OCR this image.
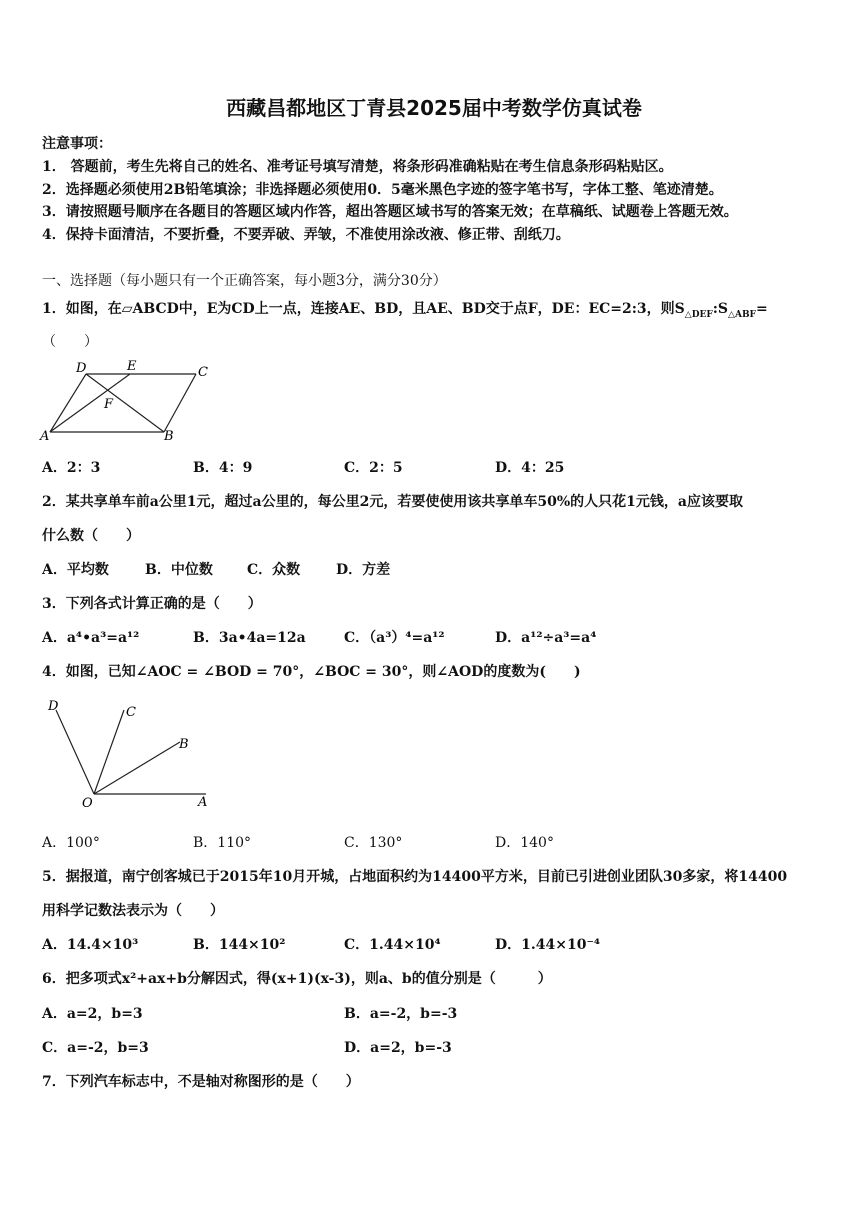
西藏昌都地区丁青县2025届中考数学仿真试卷
注意事项：
1． 答题前，考生先将自己的姓名、准考证号填写清楚，将条形码准确粘贴在考生信息条形码粘贴区。
2．选择题必须使用2B铅笔填涂；非选择题必须使用0．5毫米黑色字迹的签字笔书写，字体工整、笔迹清楚。
3．请按照题号顺序在各题目的答题区域内作答，超出答题区域书写的答案无效；在草稿纸、试题卷上答题无效。
4．保持卡面清洁，不要折叠，不要弄破、弄皱，不准使用涂改液、修正带、刮纸刀。
一、选择题（每小题只有一个正确答案，每小题3分，满分30分）
1．如图，在▱ABCD中，E为CD上一点，连接AE、BD，且AE、BD交于点F，DE：EC=2:3，则$S_{\triangle DEF}:S_{\triangle ABF}=$
（　　）
D	E	C
F
A	B
A．2：3	B．4：9	C．2：5	D．4：25
2．某共享单车前a公里1元，超过a公里的，每公里2元，若要使使用该共享单车50%的人只花1元钱，a应该要取
什么数（　　）
A．平均数	B．中位数 C．众数	D．方差
3．下列各式计算正确的是（　　）
A．a⁴•a³=a¹²	B．3a•4a=12a	C．（a³）⁴=a¹²	D．a¹²÷a³=a⁴
4．如图，已知∠AOC = ∠BOD = 70°，∠BOC = 30°，则∠AOD的度数为(　　)
D	C
B
O	A
A．100°	B．110°	C．130°	D．140°
5．据报道，南宁创客城已于2015年10月开城，占地面积约为14400平方米，目前已引进创业团队30多家，将14400
用科学记数法表示为（　　）
A．14.4×10³	B．144×10²	C．1.44×10⁴	D．1.44×10⁻⁴
6．把多项式x²+ax+b分解因式，得(x+1)(x-3)，则a、b的值分别是（　　　）
A．a=2，b=3	B．a=-2，b=-3
C．a=-2，b=3	D．a=2，b=-3
7．下列汽车标志中，不是轴对称图形的是（　　）
